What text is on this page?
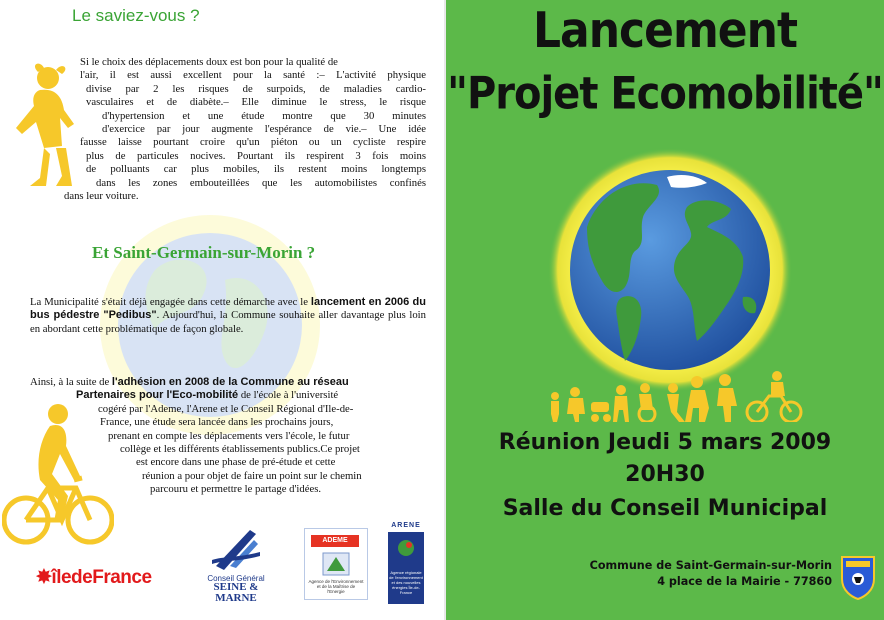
Le saviez-vous ?

Si le choix des déplacements doux est bon pour la qualité de
l'air, il est aussi excellent pour la santé :– L'activité physique
divise par 2 les risques de surpoids, de maladies cardio-
vasculaires et de diabète.– Elle diminue le stress, le risque
d'hypertension et une étude montre que 30 minutes
d'exercice par jour augmente l'espérance de vie.– Une idée
fausse laisse pourtant croire qu'un piéton ou un cycliste respire
plus de particules nocives. Pourtant ils respirent 3 fois moins
de polluants car plus mobiles, ils restent moins longtemps
dans les zones embouteillées que les automobilistes confinés
dans leur voiture.

Et Saint-Germain-sur-Morin ?

La Municipalité s'était déjà engagée dans cette démarche avec le lancement en 2006 du bus pédestre "Pedibus". Aujourd'hui, la Commune souhaite aller davantage plus loin en abordant cette problématique de façon globale.

Ainsi, à la suite de l'adhésion en 2008 de la Commune au réseau
Partenaires pour l'Eco-mobilité de l'école à l'université
cogéré par l'Ademe, l'Arene et le Conseil Régional d'Ile-de-
France, une étude sera lancée dans les prochains jours,
prenant en compte les déplacements vers l'école, le futur
collège et les différents établissements publics.Ce projet
est encore dans une phase de pré-étude et cette
réunion a pour objet de faire un point sur le chemin
parcouru et permettre le partage d'idées.

✸îledeFrance	Conseil Général
SEINE &
MARNE
ADEME
Agence de l'Environnement et de la Maîtrise de l'Energie
ARENE
Agence régionale de l'environnement et des nouvelles énergies Île-de-France
Lancement
"Projet Ecomobilité"

Réunion Jeudi 5 mars 2009

20H30

Salle du Conseil Municipal

Commune de Saint-Germain-sur-Morin

4 place de la Mairie - 77860
